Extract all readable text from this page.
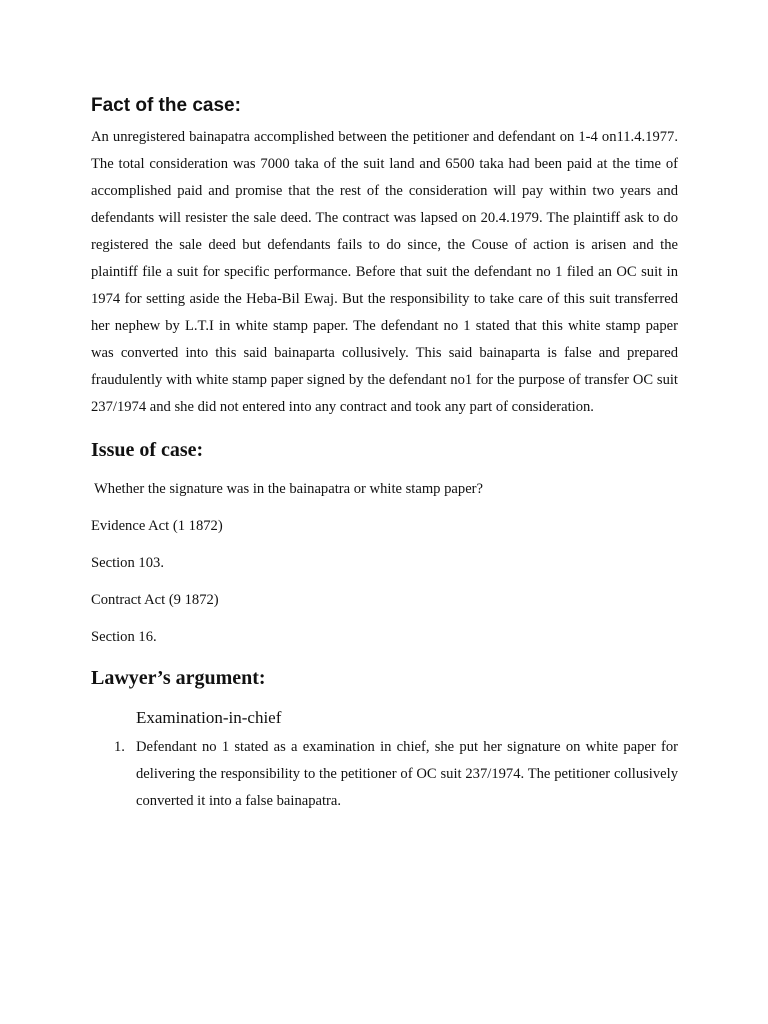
Fact of the case:

An unregistered bainapatra accomplished between the petitioner and defendant on 1-4 on11.4.1977. The total consideration was 7000 taka of the suit land and 6500 taka had been paid at the time of accomplished paid and promise that the rest of the consideration will pay within two years and defendants will resister the sale deed. The contract was lapsed on 20.4.1979. The plaintiff ask to do registered the sale deed but defendants fails to do since, the Couse of action is arisen and the plaintiff file a suit for specific performance. Before that suit the defendant no 1 filed an OC suit in 1974 for setting aside the Heba-Bil Ewaj. But the responsibility to take care of this suit transferred her nephew by L.T.I in white stamp paper. The defendant no 1 stated that this white stamp paper was converted into this said bainaparta collusively. This said bainaparta is false and prepared fraudulently with white stamp paper signed by the defendant no1 for the purpose of transfer OC suit 237/1974 and she did not entered into any contract and took any part of consideration.

Issue of case:

Whether the signature was in the bainapatra or white stamp paper?

Evidence Act (1 1872)

Section 103.

Contract Act (9 1872)

Section 16.

Lawyer’s argument:

Examination-in-chief

1. Defendant no 1 stated as a examination in chief, she put her signature on white paper for delivering the responsibility to the petitioner of OC suit 237/1974. The petitioner collusively converted it into a false bainapatra.
